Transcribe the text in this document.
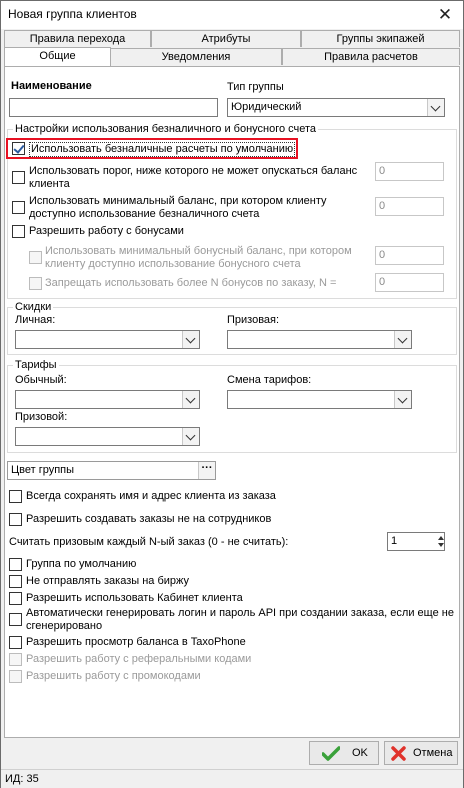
Новая группа клиентов	✕
Правила перехода	Атрибуты	Группы экипажей
Уведомления	Правила расчетов
Общие
Наименование	Тип группы
Юридический
Настройки использования безналичного и бонусного счета
Использовать безналичные расчеты по умолчанию
Использовать порог, ниже которого не может опускаться баланс
клиента
0
Использовать минимальный баланс, при котором клиенту
доступно использование безналичного счета
0
Разрешить работу с бонусами
Использовать минимальный бонусный баланс, при котором
клиенту доступно использование бонусного счета
0
Запрещать использовать более N бонусов по заказу, N =	0
Скидки
Личная:	Призовая:
Тарифы
Обычный:	Смена тарифов:
Призовой:
Цвет группы	···
Всегда сохранять имя и адрес клиента из заказа
Разрешить создавать заказы не на сотрудников
Считать призовым каждый N-ый заказ (0 - не считать):	1
Группа по умолчанию
Не отправлять заказы на биржу
Разрешить использовать Кабинет клиента
Автоматически генерировать логин и пароль API при создании заказа, если еще не
сгенерировано
Разрешить просмотр баланса в TaxoPhone
Разрешить работу с реферальными кодами
Разрешить работу с промокодами
OK	Отмена
ИД: 35
